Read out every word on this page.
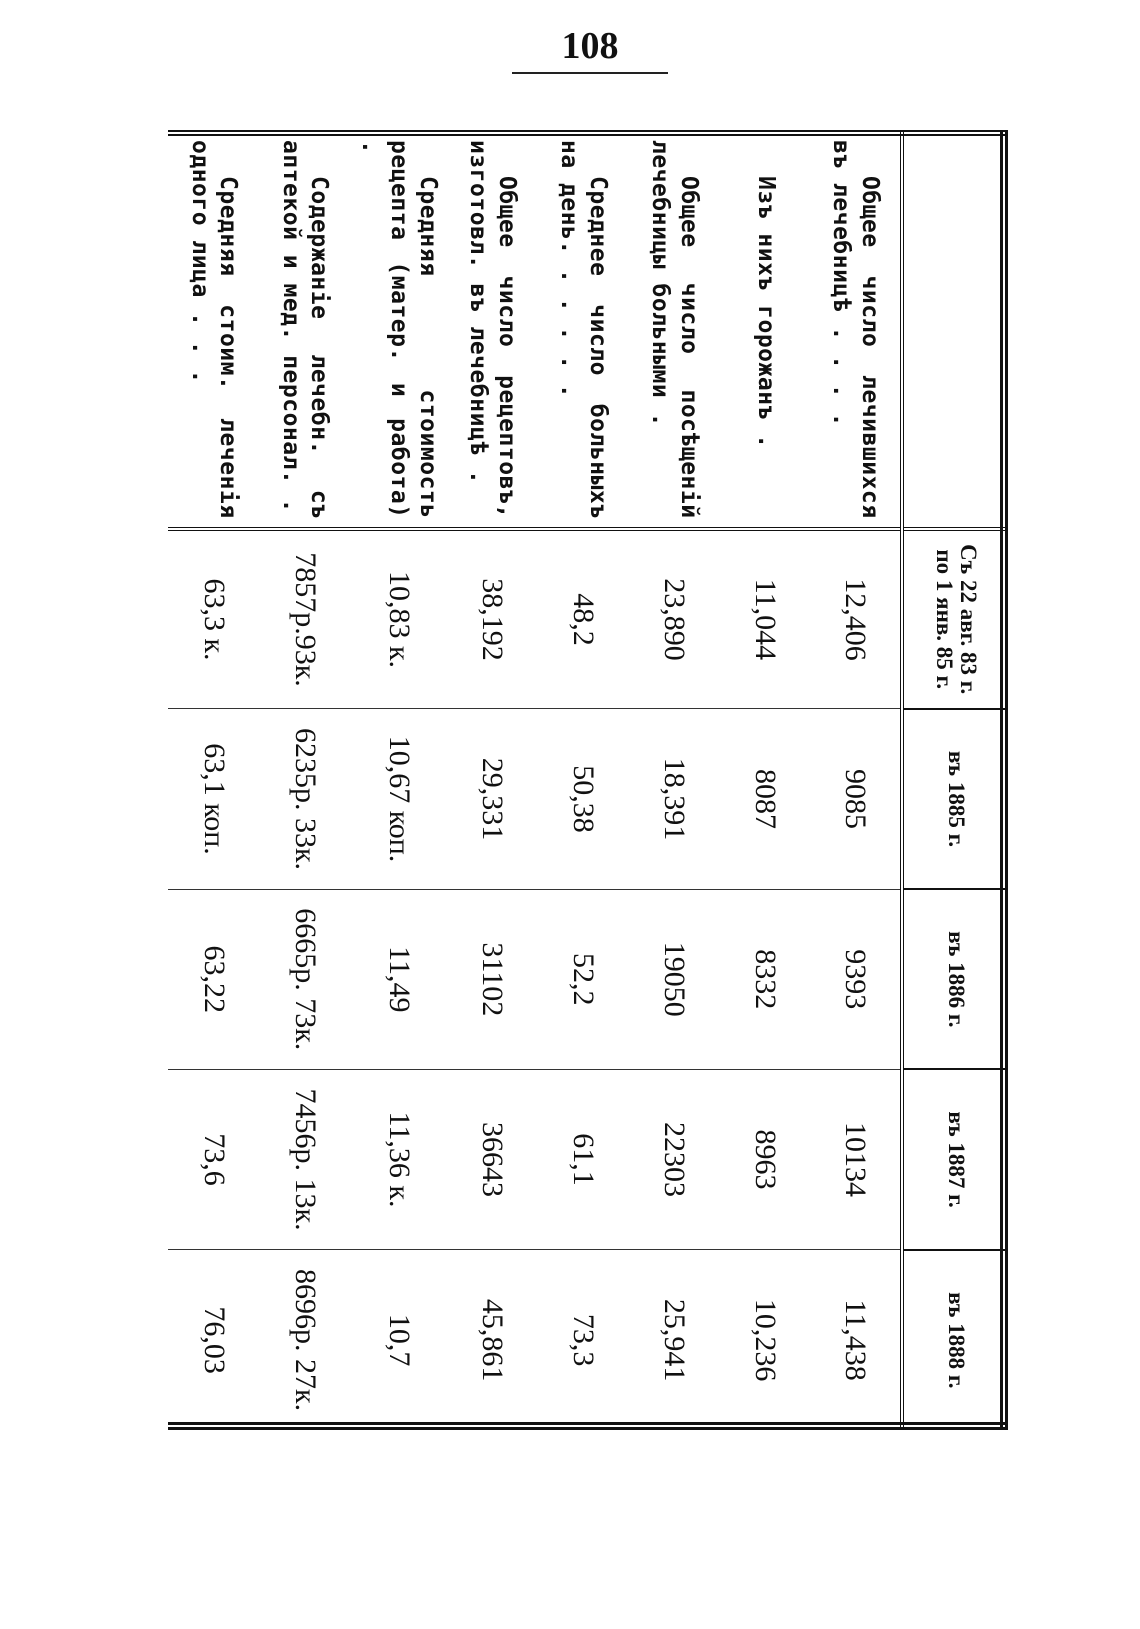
108
	Съ 22 авг. 83 г. по 1 янв. 85 г.	въ 1885 г.	въ 1886 г.	въ 1887 г.	въ 1888 г.
Общее число лечившихся въ лечебницѣ . . . .	12,406	9085	9393	10134	11,438
Изъ нихъ горожанъ .	11,044	8087	8332	8963	10,236
Общее число посѣщеній лечебницы больными .	23,890	18,391	19050	22303	25,941
Среднее число больныхъ на день. . . . . .	48,2	50,38	52,2	61,1	73,3
Общее число рецептовъ, изготовл. въ лечебницѣ .	38,192	29,331	31102	36643	45,861
Средняя стоимость рецепта (матер. и работа) .	10,83 к.	10,67 коп.	11,49	11,36 к.	10,7
Содержаніе лечебн. съ аптекой и мед. персонал. .	7857р.93к.	6235р. 33к.	6665р. 73к.	7456р. 13к.	8696р. 27к.
Средняя стоим. леченія одного лица . . .	63,3 к.	63,1 коп.	63,22	73,6	76,03
